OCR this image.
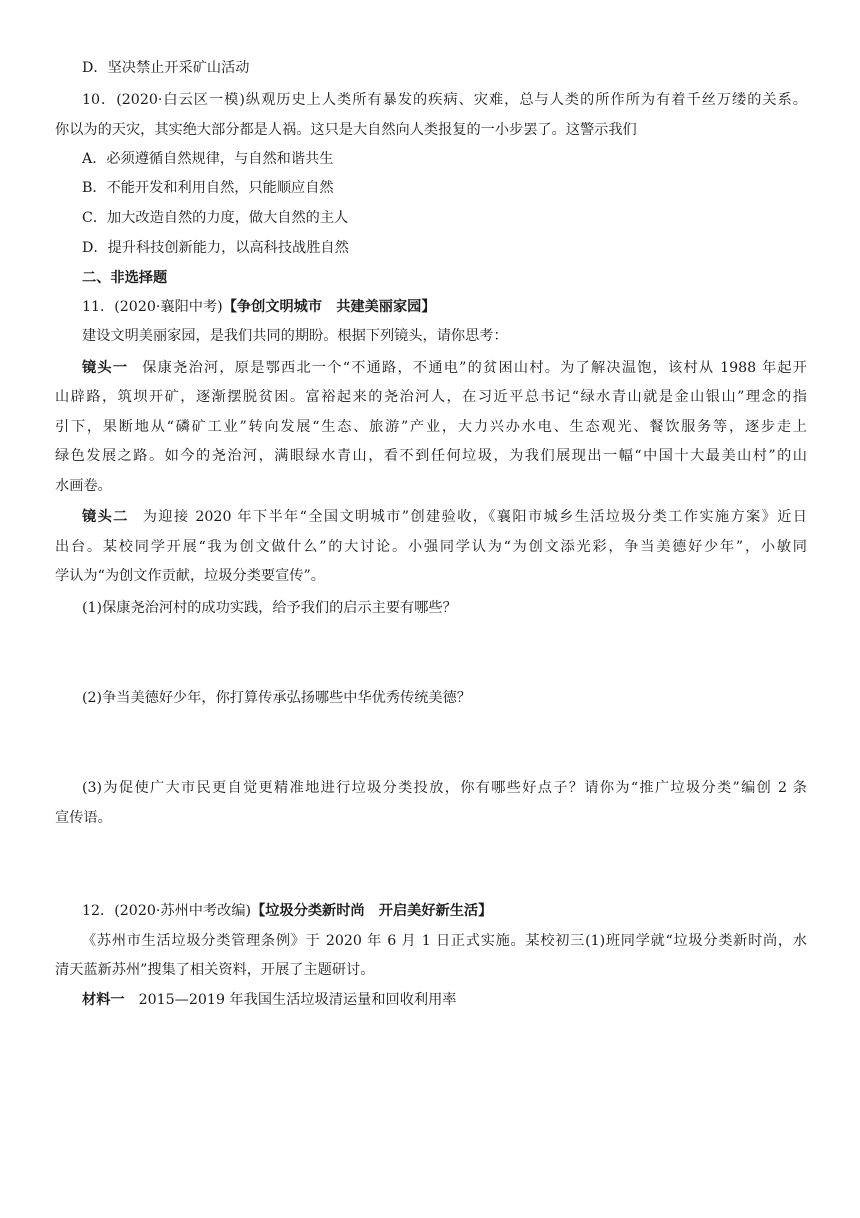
D．坚决禁止开采矿山活动
10．(2020·白云区一模)纵观历史上人类所有暴发的疾病、灾难，总与人类的所作所为有着千丝万缕的关系。
你以为的天灾，其实绝大部分都是人祸。这只是大自然向人类报复的一小步罢了。这警示我们
A．必须遵循自然规律，与自然和谐共生
B．不能开发和利用自然，只能顺应自然
C．加大改造自然的力度，做大自然的主人
D．提升科技创新能力，以高科技战胜自然
二、非选择题
11．(2020·襄阳中考)【争创文明城市　共建美丽家园】
建设文明美丽家园，是我们共同的期盼。根据下列镜头，请你思考：
镜头一 保康尧治河，原是鄂西北一个“不通路，不通电”的贫困山村。为了解决温饱，该村从 1988 年起开
山辟路，筑坝开矿，逐渐摆脱贫困。富裕起来的尧治河人，在习近平总书记“绿水青山就是金山银山”理念的指
引下，果断地从“磷矿工业”转向发展“生态、旅游”产业，大力兴办水电、生态观光、餐饮服务等，逐步走上
绿色发展之路。如今的尧治河，满眼绿水青山，看不到任何垃圾，为我们展现出一幅“中国十大最美山村”的山
水画卷。
镜头二 为迎接 2020 年下半年“全国文明城市”创建验收，《襄阳市城乡生活垃圾分类工作实施方案》近日
出台。某校同学开展“我为创文做什么”的大讨论。小强同学认为“为创文添光彩，争当美德好少年”，小敏同
学认为“为创文作贡献，垃圾分类要宣传”。
(1)保康尧治河村的成功实践，给予我们的启示主要有哪些？
(2)争当美德好少年，你打算传承弘扬哪些中华优秀传统美德？
(3)为促使广大市民更自觉更精准地进行垃圾分类投放，你有哪些好点子？请你为“推广垃圾分类”编创 2 条
宣传语。
12．(2020·苏州中考改编)【垃圾分类新时尚　开启美好新生活】
《苏州市生活垃圾分类管理条例》于 2020 年 6 月 1 日正式实施。某校初三(1)班同学就“垃圾分类新时尚，水
清天蓝新苏州”搜集了相关资料，开展了主题研讨。
材料一 2015—2019 年我国生活垃圾清运量和回收利用率
